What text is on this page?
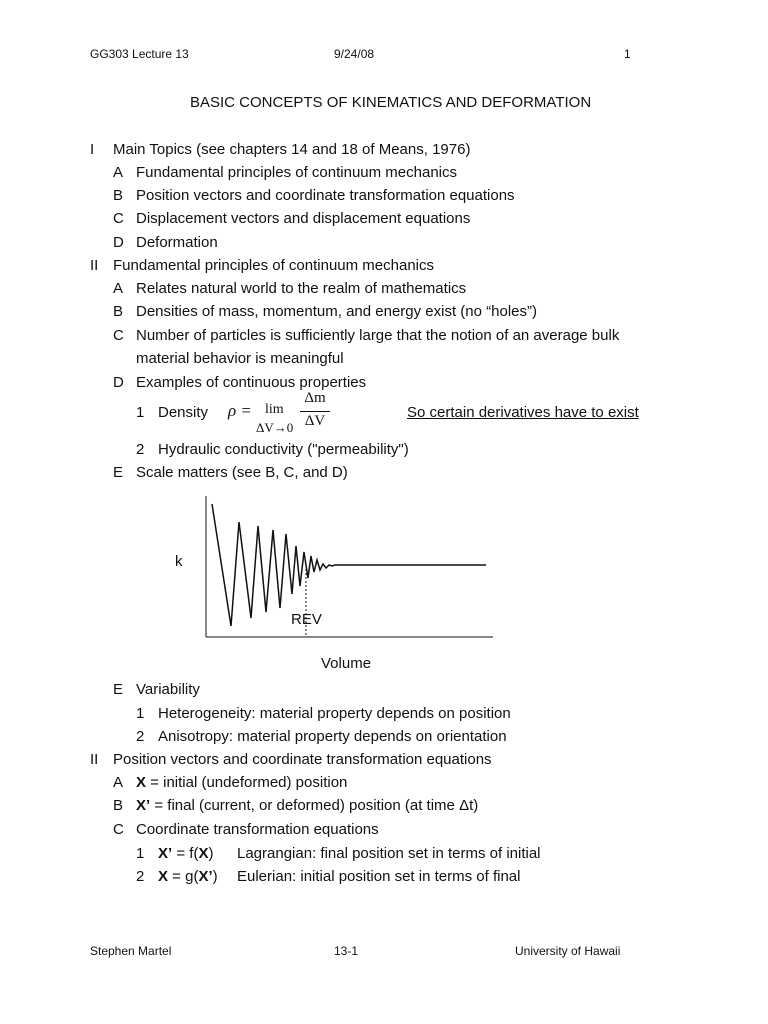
GG303 Lecture 13	9/24/08	1
BASIC CONCEPTS OF KINEMATICS AND DEFORMATION
I Main Topics (see chapters 14 and 18 of Means, 1976)
A Fundamental principles of continuum mechanics
B Position vectors and coordinate transformation equations
C Displacement vectors and displacement equations
D Deformation
II Fundamental principles of continuum mechanics
A Relates natural world to the realm of mathematics
B Densities of mass, momentum, and energy exist (no “holes”)
C Number of particles is sufficiently large that the notion of an average bulk
material behavior is meaningful
D Examples of continuous properties
1 Density ρ = lim
ΔV→0
Δm
ΔV	So certain derivatives have to exist
2 Hydraulic conductivity ("permeability")
E Scale matters (see B, C, and D)
k
REV
Volume
E Variability
1 Heterogeneity: material property depends on position
2 Anisotropy: material property depends on orientation
II Position vectors and coordinate transformation equations
A X = initial (undeformed) position
B X’ = final (current, or deformed) position (at time Δt)
C Coordinate transformation equations
1 X’ = f(X) Lagrangian: final position set in terms of initial
2 X = g(X’) Eulerian: initial position set in terms of final
Stephen Martel	13-1	University of Hawaii
